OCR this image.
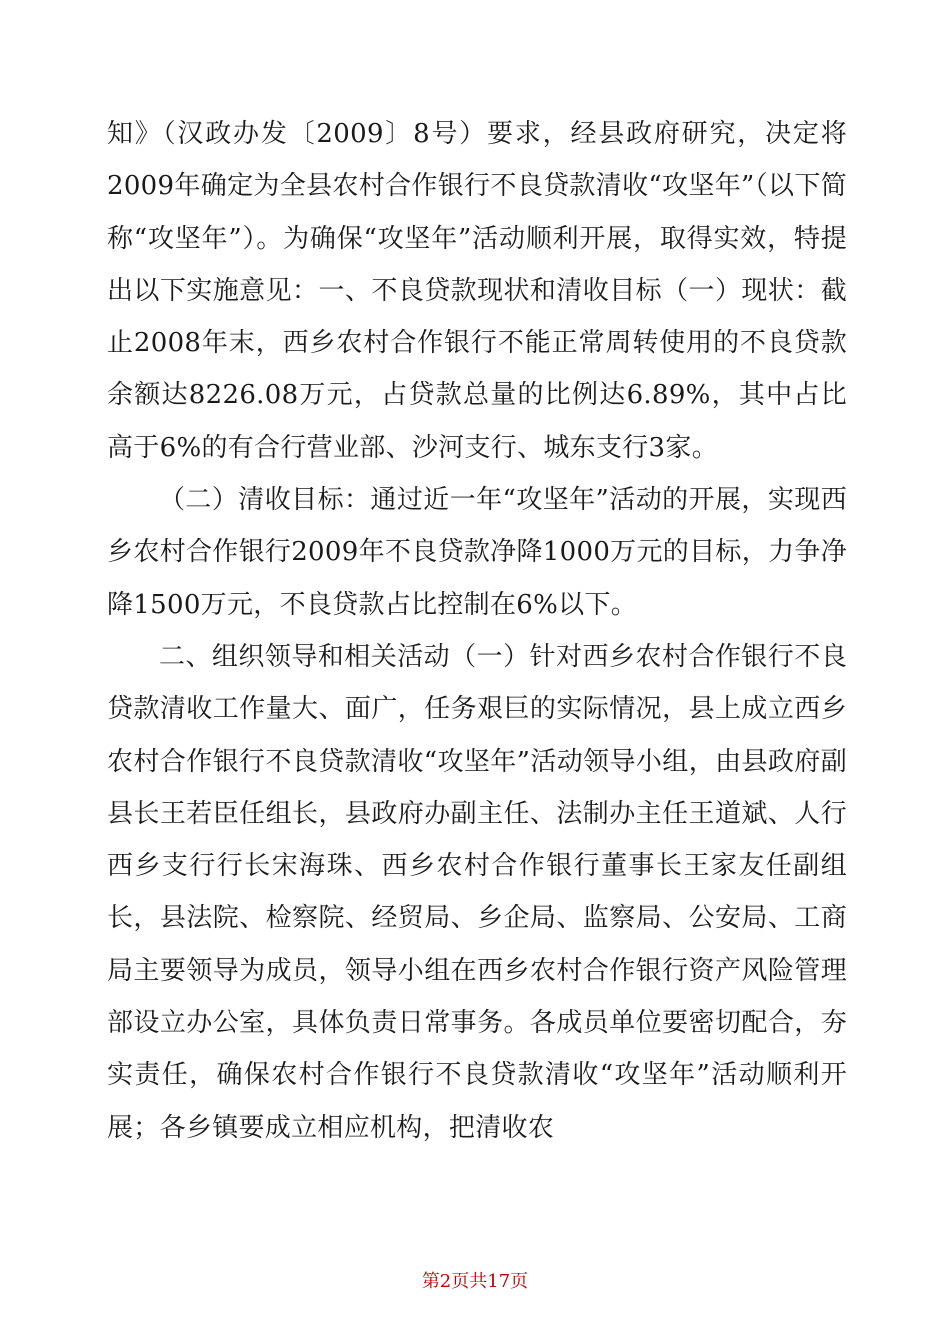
知》（汉政办发〔2009〕8号）要求，经县政府研究，决定将2009年确定为全县农村合作银行不良贷款清收“攻坚年”（以下简称“攻坚年”）。为确保“攻坚年”活动顺利开展，取得实效，特提出以下实施意见：一、不良贷款现状和清收目标（一）现状：截止2008年末，西乡农村合作银行不能正常周转使用的不良贷款余额达8226.08万元，占贷款总量的比例达6.89%，其中占比高于6%的有合行营业部、沙河支行、城东支行3家。

（二）清收目标：通过近一年“攻坚年”活动的开展，实现西乡农村合作银行2009年不良贷款净降1000万元的目标，力争净降1500万元，不良贷款占比控制在6%以下。

二、组织领导和相关活动（一）针对西乡农村合作银行不良贷款清收工作量大、面广，任务艰巨的实际情况，县上成立西乡农村合作银行不良贷款清收“攻坚年”活动领导小组，由县政府副县长王若臣任组长，县政府办副主任、法制办主任王道斌、人行西乡支行行长宋海珠、西乡农村合作银行董事长王家友任副组长，县法院、检察院、经贸局、乡企局、监察局、公安局、工商局主要领导为成员，领导小组在西乡农村合作银行资产风险管理部设立办公室，具体负责日常事务。各成员单位要密切配合，夯实责任，确保农村合作银行不良贷款清收“攻坚年”活动顺利开展；各乡镇要成立相应机构，把清收农

第2页共17页
